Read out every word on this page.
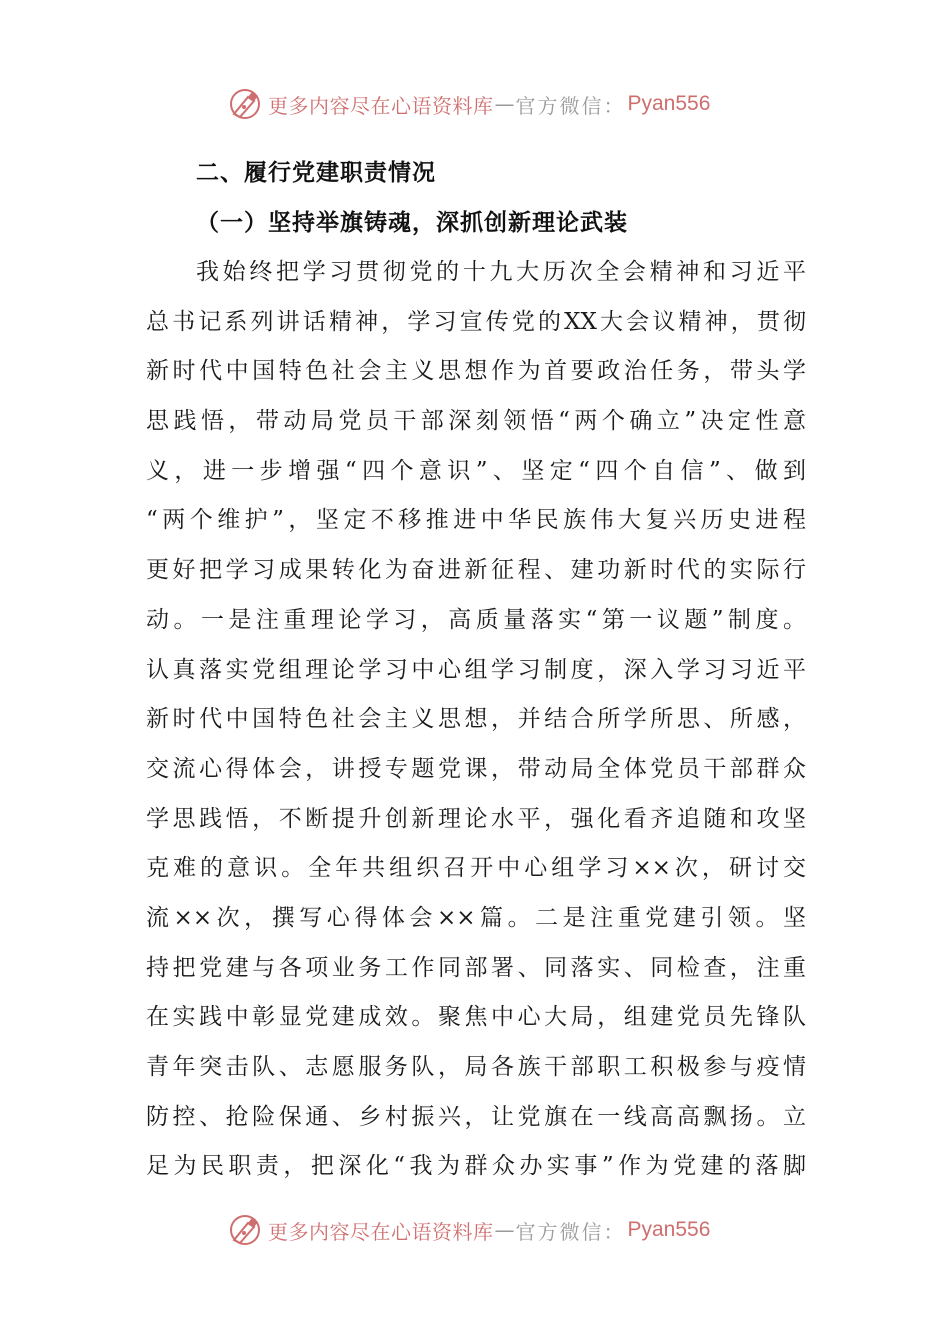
更多内容尽在心语资料库 — 官方微信： Pyan556
二、履行党建职责情况
（一）坚持举旗铸魂，深抓创新理论武装
我始终把学习贯彻党的十九大历次全会精神和习近平
总书记系列讲话精神，学习宣传党的XX大会议精神，贯彻
新时代中国特色社会主义思想作为首要政治任务，带头学
思践悟，带动局党员干部深刻领悟“两个确立”决定性意
义，进一步增强“四个意识”、坚定“四个自信”、做到
“两个维护”，坚定不移推进中华民族伟大复兴历史进程
更好把学习成果转化为奋进新征程、建功新时代的实际行
动。一是注重理论学习，高质量落实“第一议题”制度。
认真落实党组理论学习中心组学习制度，深入学习习近平
新时代中国特色社会主义思想，并结合所学所思、所感，
交流心得体会，讲授专题党课，带动局全体党员干部群众
学思践悟，不断提升创新理论水平，强化看齐追随和攻坚
克难的意识。全年共组织召开中心组学习××次，研讨交
流××次，撰写心得体会××篇。二是注重党建引领。坚
持把党建与各项业务工作同部署、同落实、同检查，注重
在实践中彰显党建成效。聚焦中心大局，组建党员先锋队
青年突击队、志愿服务队，局各族干部职工积极参与疫情
防控、抢险保通、乡村振兴，让党旗在一线高高飘扬。立
足为民职责，把深化“我为群众办实事”作为党建的落脚
更多内容尽在心语资料库 — 官方微信： Pyan556
